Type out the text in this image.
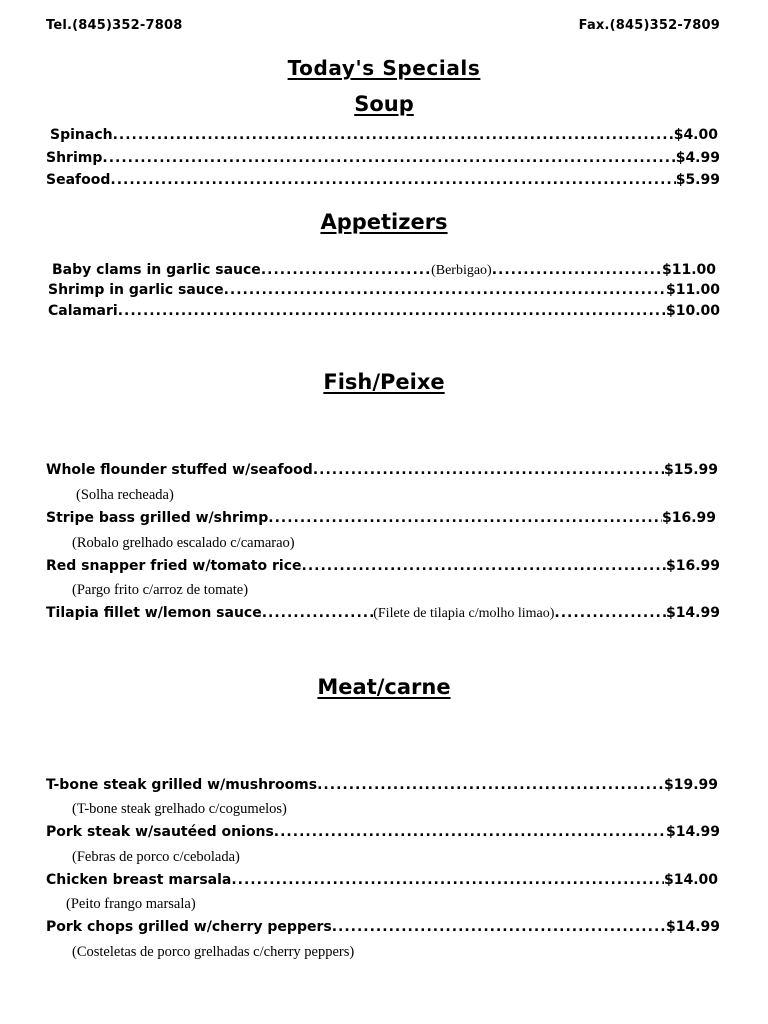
Tel.(845)352-7808	Fax.(845)352-7809
Today's Specials
Soup
Spinach .....	$4.00
Shrimp .....	$4.99
Seafood .....	$5.99
Appetizers
Baby clams in garlic sauce .....	(Berbigao) .....	$11.00
Shrimp in garlic sauce .....	$11.00
Calamari .....	$10.00
Fish/Peixe
Whole flounder stuffed w/seafood .....	$15.99
(Solha recheada)
Stripe bass grilled w/shrimp .....	$16.99
(Robalo grelhado escalado c/camarao)
Red snapper fried w/tomato rice .....	$16.99
(Pargo frito c/arroz de tomate)
Tilapia fillet w/lemon sauce .....	(Filete de tilapia c/molho limao) .....	$14.99
Meat/carne
T-bone steak grilled w/mushrooms .....	$19.99
(T-bone steak grelhado c/cogumelos)
Pork steak w/sautéed onions .....	$14.99
(Febras de porco c/cebolada)
Chicken breast marsala .....	$14.00
(Peito frango marsala)
Pork chops grilled w/cherry peppers .....	$14.99
(Costeletas de porco grelhadas c/cherry peppers)
